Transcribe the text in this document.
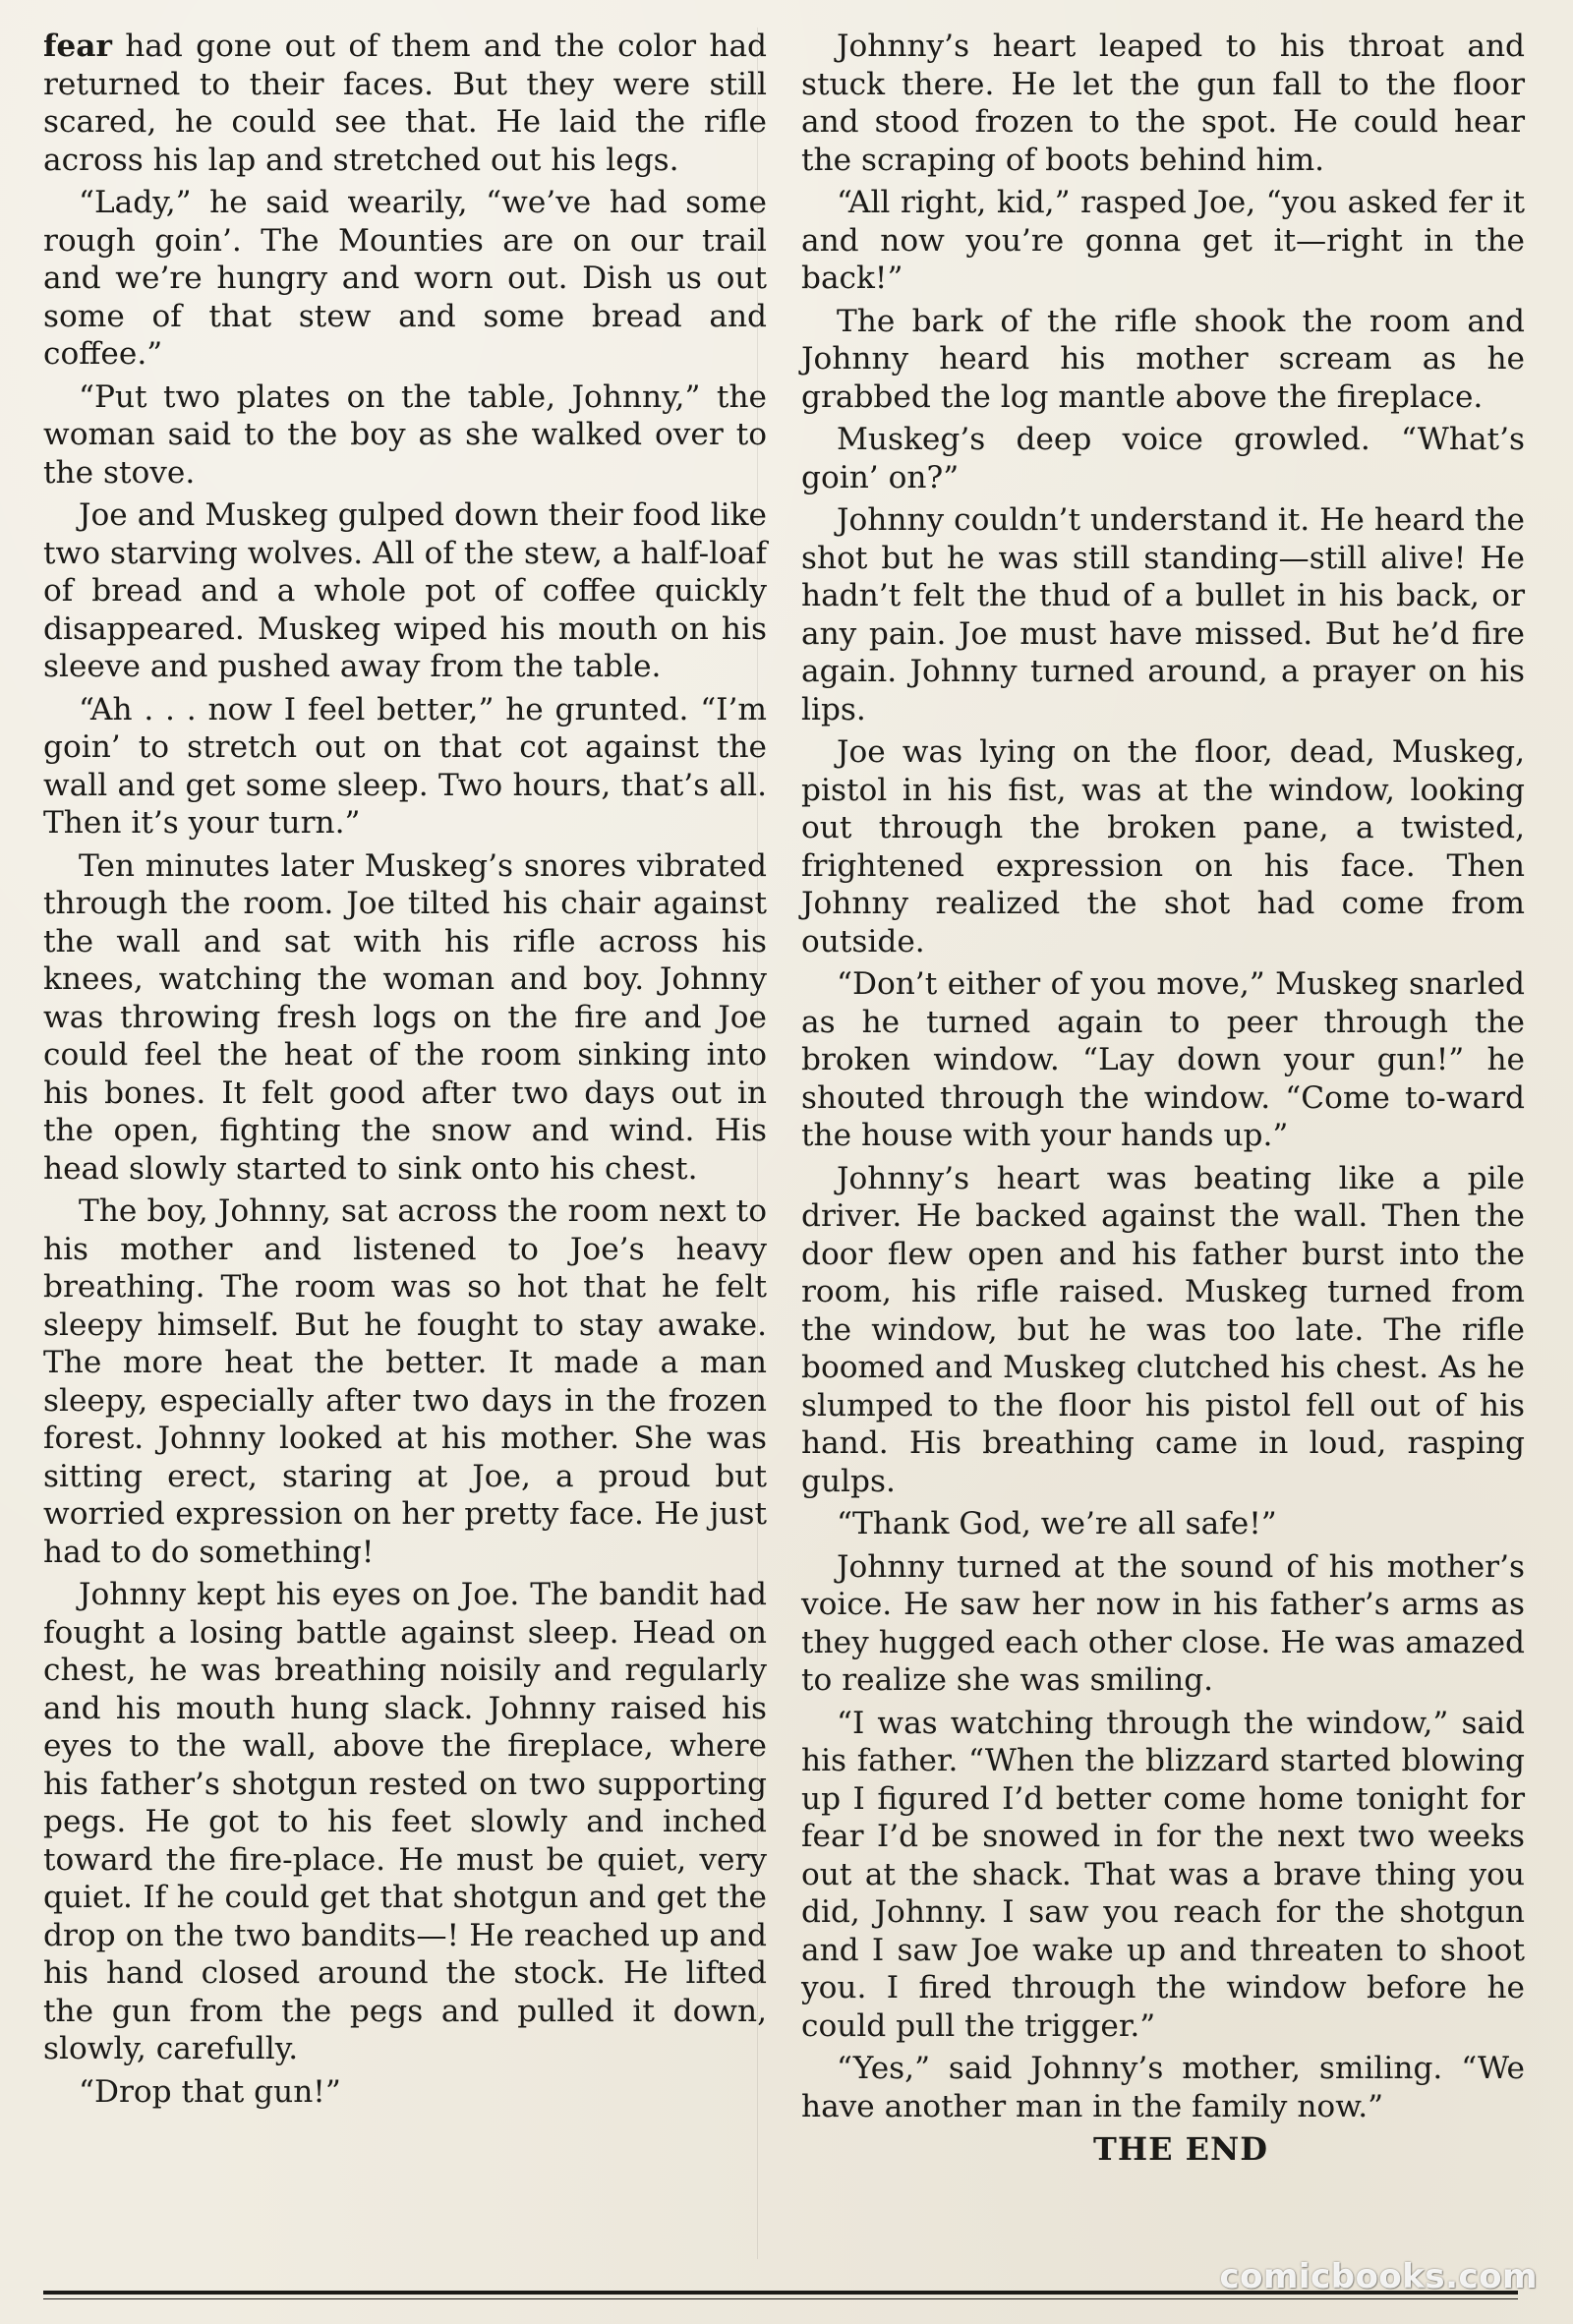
fear had gone out of them and the color had returned to their faces. But they were still scared, he could see that. He laid the rifle across his lap and stretched out his legs.

“Lady,” he said wearily, “we’ve had some rough goin’. The Mounties are on our trail and we’re hungry and worn out. Dish us out some of that stew and some bread and coffee.”

“Put two plates on the table, Johnny,” the woman said to the boy as she walked over to the stove.

Joe and Muskeg gulped down their food like two starving wolves. All of the stew, a half-loaf of bread and a whole pot of coffee quickly disappeared. Muskeg wiped his mouth on his sleeve and pushed away from the table.

“Ah . . . now I feel better,” he grunted. “I’m goin’ to stretch out on that cot against the wall and get some sleep. Two hours, that’s all. Then it’s your turn.”

Ten minutes later Muskeg’s snores vibrated through the room. Joe tilted his chair against the wall and sat with his rifle across his knees, watching the woman and boy. Johnny was throwing fresh logs on the fire and Joe could feel the heat of the room sinking into his bones. It felt good after two days out in the open, fighting the snow and wind. His head slowly started to sink onto his chest.

The boy, Johnny, sat across the room next to his mother and listened to Joe’s heavy breathing. The room was so hot that he felt sleepy himself. But he fought to stay awake. The more heat the better. It made a man sleepy, especially after two days in the frozen forest. Johnny looked at his mother. She was sitting erect, staring at Joe, a proud but worried expression on her pretty face. He just had to do something!

Johnny kept his eyes on Joe. The bandit had fought a losing battle against sleep. Head on chest, he was breathing noisily and regularly and his mouth hung slack. Johnny raised his eyes to the wall, above the fireplace, where his father’s shotgun rested on two supporting pegs. He got to his feet slowly and inched toward the fire-place. He must be quiet, very quiet. If he could get that shotgun and get the drop on the two bandits—! He reached up and his hand closed around the stock. He lifted the gun from the pegs and pulled it down, slowly, carefully.

“Drop that gun!”

Johnny’s heart leaped to his throat and stuck there. He let the gun fall to the floor and stood frozen to the spot. He could hear the scraping of boots behind him.

“All right, kid,” rasped Joe, “you asked fer it and now you’re gonna get it—right in the back!”

The bark of the rifle shook the room and Johnny heard his mother scream as he grabbed the log mantle above the fireplace.

Muskeg’s deep voice growled. “What’s goin’ on?”

Johnny couldn’t understand it. He heard the shot but he was still standing—still alive! He hadn’t felt the thud of a bullet in his back, or any pain. Joe must have missed. But he’d fire again. Johnny turned around, a prayer on his lips.

Joe was lying on the floor, dead, Muskeg, pistol in his fist, was at the window, looking out through the broken pane, a twisted, frightened expression on his face. Then Johnny realized the shot had come from outside.

“Don’t either of you move,” Muskeg snarled as he turned again to peer through the broken window. “Lay down your gun!” he shouted through the window. “Come to-ward the house with your hands up.”

Johnny’s heart was beating like a pile driver. He backed against the wall. Then the door flew open and his father burst into the room, his rifle raised. Muskeg turned from the window, but he was too late. The rifle boomed and Muskeg clutched his chest. As he slumped to the floor his pistol fell out of his hand. His breathing came in loud, rasping gulps.

“Thank God, we’re all safe!”

Johnny turned at the sound of his mother’s voice. He saw her now in his father’s arms as they hugged each other close. He was amazed to realize she was smiling.

“I was watching through the window,” said his father. “When the blizzard started blowing up I figured I’d better come home tonight for fear I’d be snowed in for the next two weeks out at the shack. That was a brave thing you did, Johnny. I saw you reach for the shotgun and I saw Joe wake up and threaten to shoot you. I fired through the window before he could pull the trigger.”

“Yes,” said Johnny’s mother, smiling. “We have another man in the family now.”

THE END

comicbooks.com
